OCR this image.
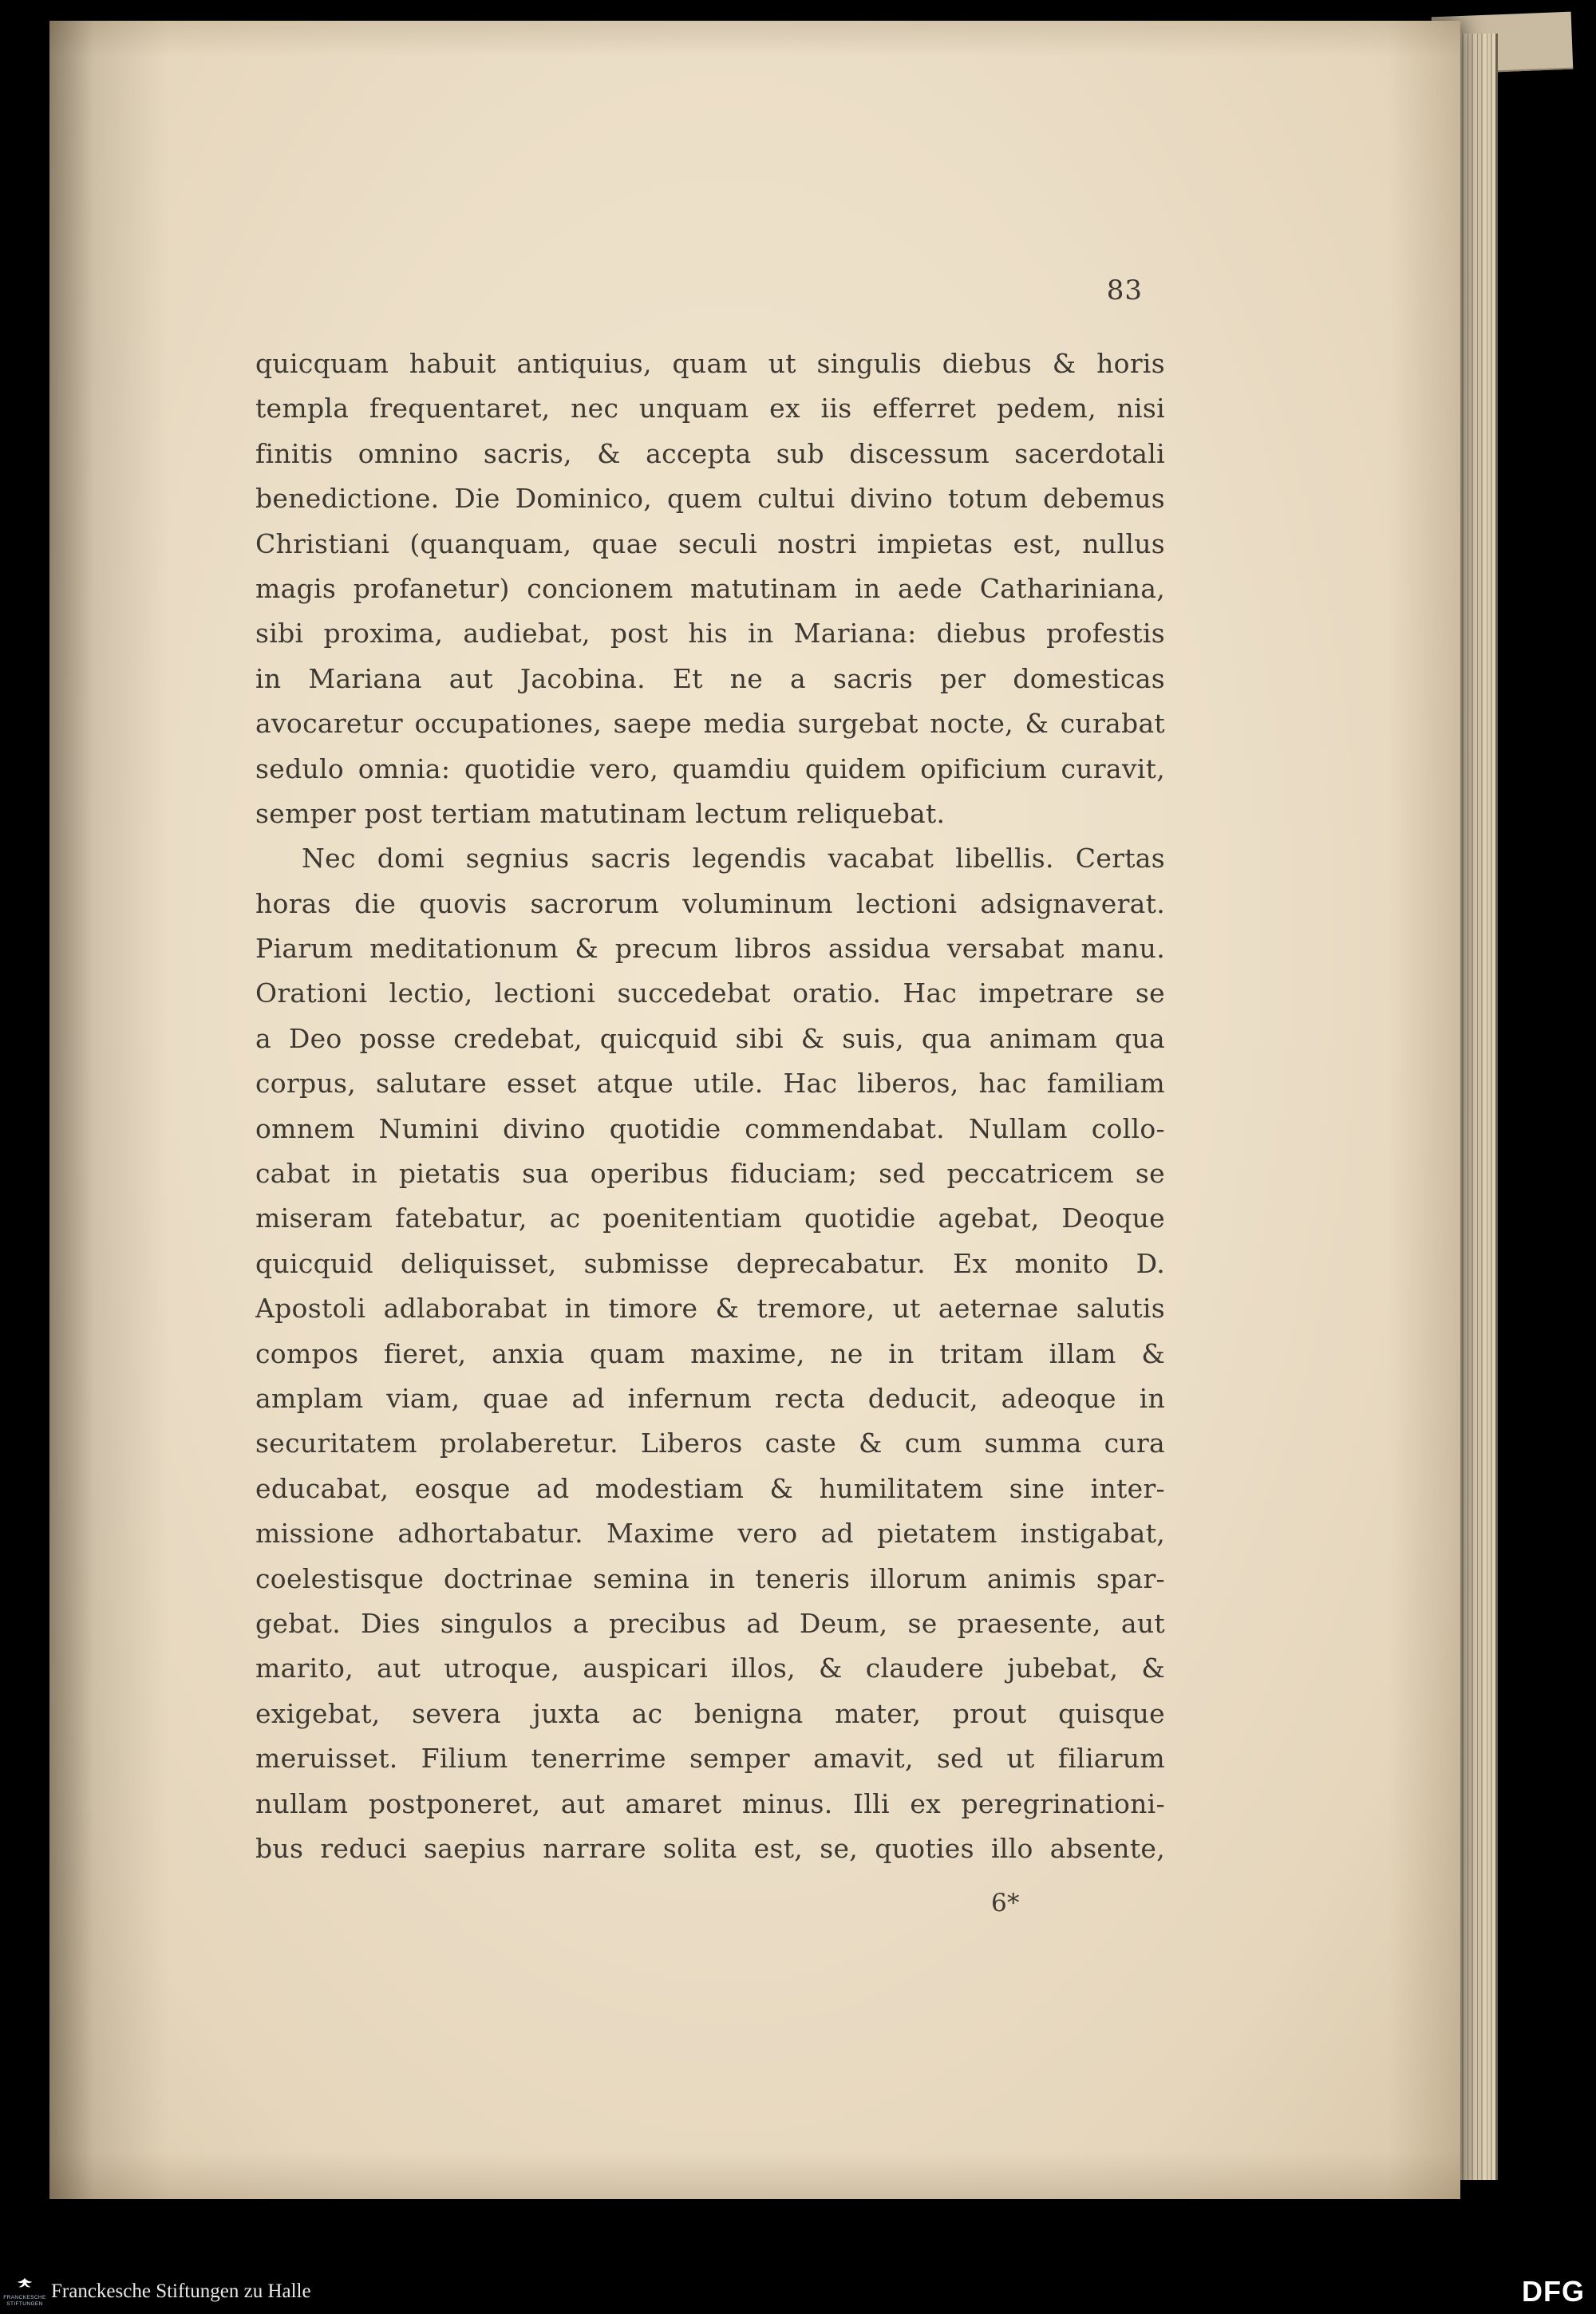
83
quicquam habuit antiquius, quam ut singulis diebus & horis
templa frequentaret, nec unquam ex iis efferret pedem, nisi
finitis omnino sacris, & accepta sub discessum sacerdotali
benedictione. Die Dominico, quem cultui divino totum debemus
Christiani (quanquam, quae seculi nostri impietas est, nullus
magis profanetur) concionem matutinam in aede Cathariniana,
sibi proxima, audiebat, post his in Mariana: diebus profestis
in Mariana aut Jacobina. Et ne a sacris per domesticas
avocaretur occupationes, saepe media surgebat nocte, & curabat
sedulo omnia: quotidie vero, quamdiu quidem opificium curavit,
semper post tertiam matutinam lectum reliquebat.
Nec domi segnius sacris legendis vacabat libellis. Certas
horas die quovis sacrorum voluminum lectioni adsignaverat.
Piarum meditationum & precum libros assidua versabat manu.
Orationi lectio, lectioni succedebat oratio. Hac impetrare se
a Deo posse credebat, quicquid sibi & suis, qua animam qua
corpus, salutare esset atque utile. Hac liberos, hac familiam
omnem Numini divino quotidie commendabat. Nullam collo-
cabat in pietatis sua operibus fiduciam; sed peccatricem se
miseram fatebatur, ac poenitentiam quotidie agebat, Deoque
quicquid deliquisset, submisse deprecabatur. Ex monito D.
Apostoli adlaborabat in timore & tremore, ut aeternae salutis
compos fieret, anxia quam maxime, ne in tritam illam &
amplam viam, quae ad infernum recta deducit, adeoque in
securitatem prolaberetur. Liberos caste & cum summa cura
educabat, eosque ad modestiam & humilitatem sine inter-
missione adhortabatur. Maxime vero ad pietatem instigabat,
coelestisque doctrinae semina in teneris illorum animis spar-
gebat. Dies singulos a precibus ad Deum, se praesente, aut
marito, aut utroque, auspicari illos, & claudere jubebat, &
exigebat, severa juxta ac benigna mater, prout quisque
meruisset. Filium tenerrime semper amavit, sed ut filiarum
nullam postponeret, aut amaret minus. Illi ex peregrinationi-
bus reduci saepius narrare solita est, se, quoties illo absente,
6*
FRANCKESCHE
STIFTUNGEN
Franckesche Stiftungen zu Halle	DFG
